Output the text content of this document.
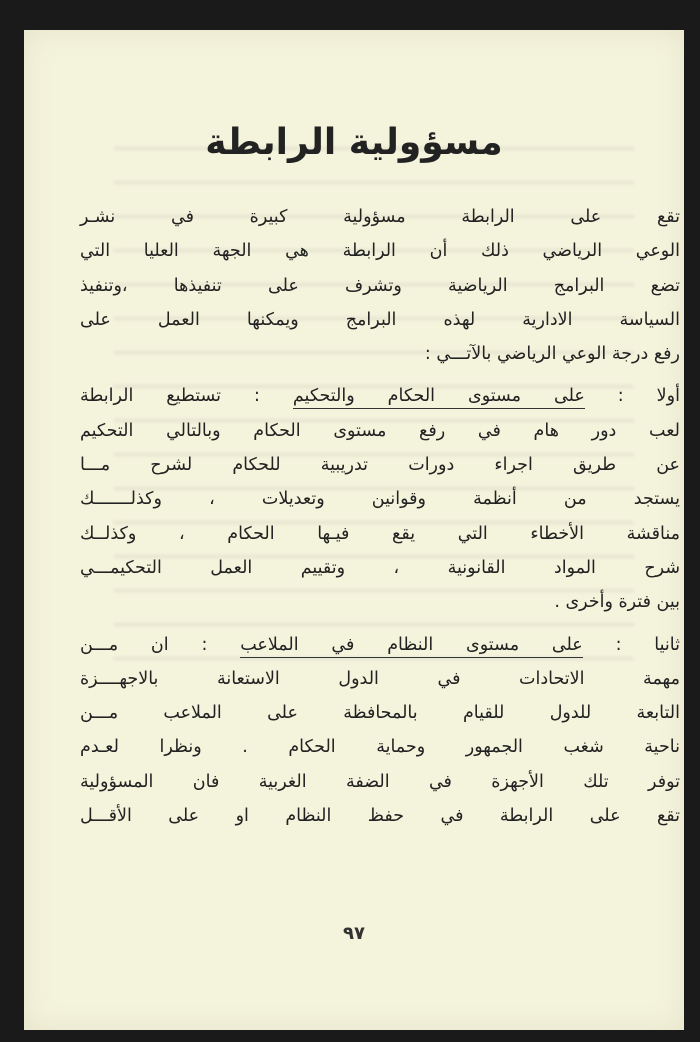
مسؤولية الرابطة

تقع على الرابطة مسؤولية كبيرة في نشـر
الوعي الرياضي ذلك أن الرابطة هي الجهة العليا التي
تضع البرامج الرياضية وتشرف على تنفيذها ،وتنفيذ
السياسة الادارية لهذه البرامج ويمكنها العمل على
رفع درجة الوعي الرياضي بالآتـــي :

أولا : على مستوى الحكام والتحكيم : تستطيع الرابطة
لعب دور هام في رفع مستوى الحكام وبالتالي التحكيم
عن طريق اجراء دورات تدريبية للحكام لشرح مـــا
يستجد من أنظمة وقوانين وتعديلات ، وكذلـــــــك
مناقشة الأخطاء التي يقع فيـها الحكام ، وكذلــك
شرح المواد القانونية ، وتقييم العمل التحكيمـــي
بين فترة وأخرى .

ثانيا : على مستوى النظام في الملاعب : ان مـــن
مهمة الاتحادات في الدول الاستعانة بالاجهــــزة
التابعة للدول للقيام بالمحافظة على الملاعب مـــن
ناحية شغب الجمهور وحماية الحكام . ونظرا لعـدم
توفر تلك الأجهزة في الضفة الغربية فان المسؤولية
تقع على الرابطة في حفظ النظام او على الأقـــل

٩٧
